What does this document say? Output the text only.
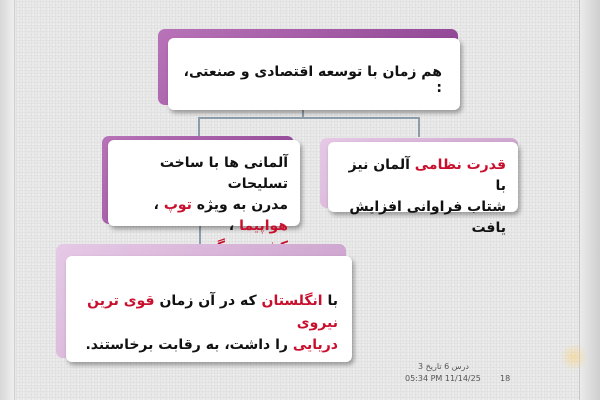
هم زمان با توسعه اقتصادی و صنعتی، :

قدرت نظامی آلمان نیز با

شتاب فراوانی افزایش یافت

آلمانی ها با ساخت تسلیحات

مدرن به ویژه توپ ، هواپیما ،

با انگلستان که در آن زمان قوی ترین نیروی

دریایی را داشت، به رقابت برخاستند.

درس 6 تاریخ 3
05:34 PM 11/14/25 18
